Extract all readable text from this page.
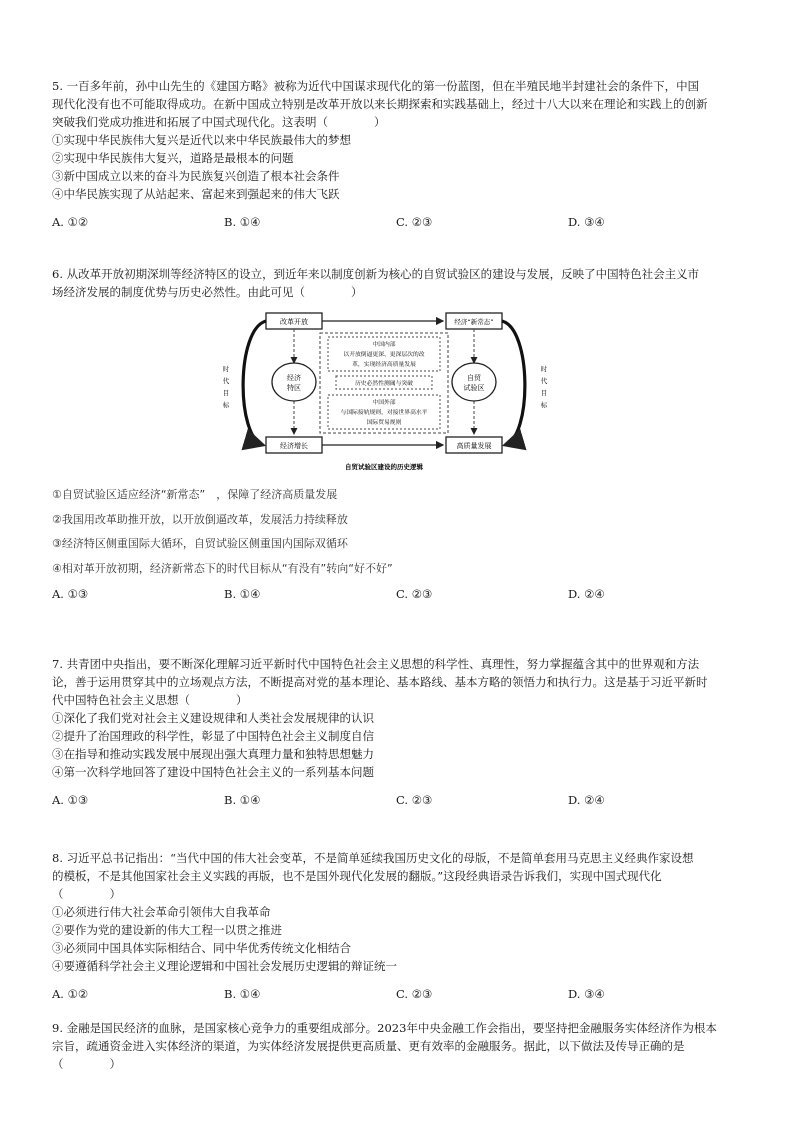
5. 一百多年前，孙中山先生的《建国方略》被称为近代中国谋求现代化的第一份蓝图，但在半殖民地半封建社会的条件下，中国

现代化没有也不可能取得成功。在新中国成立特别是改革开放以来长期探索和实践基础上，经过十八大以来在理论和实践上的创新

突破我们党成功推进和拓展了中国式现代化。这表明（　　　　）

①实现中华民族伟大复兴是近代以来中华民族最伟大的梦想

②实现中华民族伟大复兴，道路是最根本的问题

③新中国成立以来的奋斗为民族复兴创造了根本社会条件

④中华民族实现了从站起来、富起来到强起来的伟大飞跃

A. ①②	B. ①④	C. ②③	D. ③④

6. 从改革开放初期深圳等经济特区的设立，到近年来以制度创新为核心的自贸试验区的建设与发展，反映了中国特色社会主义市

场经济发展的制度优势与历史必然性。由此可见（　　　　）

改革开放	经济“新常态”
经济增长	高质量发展
经济
特区
自贸
试验区
中国内部
以开放倒逼更深、更深层次的改
革，实现经济高质量发展
历史必然性测阈与突破
中国外部
与国际接轨规则，对接世界高水平
国际贸易规则
时
代
目
标
时
代
目
标
自贸试验区建设的历史逻辑

①自贸试验区适应经济“新常态”　，保障了经济高质量发展

②我国用改革助推开放，以开放倒逼改革，发展活力持续释放

③经济特区侧重国际大循环，自贸试验区侧重国内国际双循环

④相对革开放初期，经济新常态下的时代目标从“有没有”转向“好不好”

A. ①③	B. ①④	C. ②③	D. ②④

7. 共青团中央指出，要不断深化理解习近平新时代中国特色社会主义思想的科学性、真理性，努力掌握蕴含其中的世界观和方法

论，善于运用贯穿其中的立场观点方法，不断提高对党的基本理论、基本路线、基本方略的领悟力和执行力。这是基于习近平新时

代中国特色社会主义思想（　　　　）

①深化了我们党对社会主义建设规律和人类社会发展规律的认识

②提升了治国理政的科学性，彰显了中国特色社会主义制度自信

③在指导和推动实践发展中展现出强大真理力量和独特思想魅力

④第一次科学地回答了建设中国特色社会主义的一系列基本问题

A. ①③	B. ①④	C. ②③	D. ②④

8. 习近平总书记指出：“当代中国的伟大社会变革，不是简单延续我国历史文化的母版，不是简单套用马克思主义经典作家设想

的模板，不是其他国家社会主义实践的再版，也不是国外现代化发展的翻版。”这段经典语录告诉我们，实现中国式现代化

（　　　　）

①必须进行伟大社会革命引领伟大自我革命

②要作为党的建设新的伟大工程一以贯之推进

③必须同中国具体实际相结合、同中华优秀传统文化相结合

④要遵循科学社会主义理论逻辑和中国社会发展历史逻辑的辩证统一

A. ①②	B. ①④	C. ②③	D. ③④

9. 金融是国民经济的血脉，是国家核心竞争力的重要组成部分。2023年中央金融工作会指出，要坚持把金融服务实体经济作为根本

宗旨，疏通资金进入实体经济的渠道，为实体经济发展提供更高质量、更有效率的金融服务。据此，以下做法及传导正确的是

（　　　　）
